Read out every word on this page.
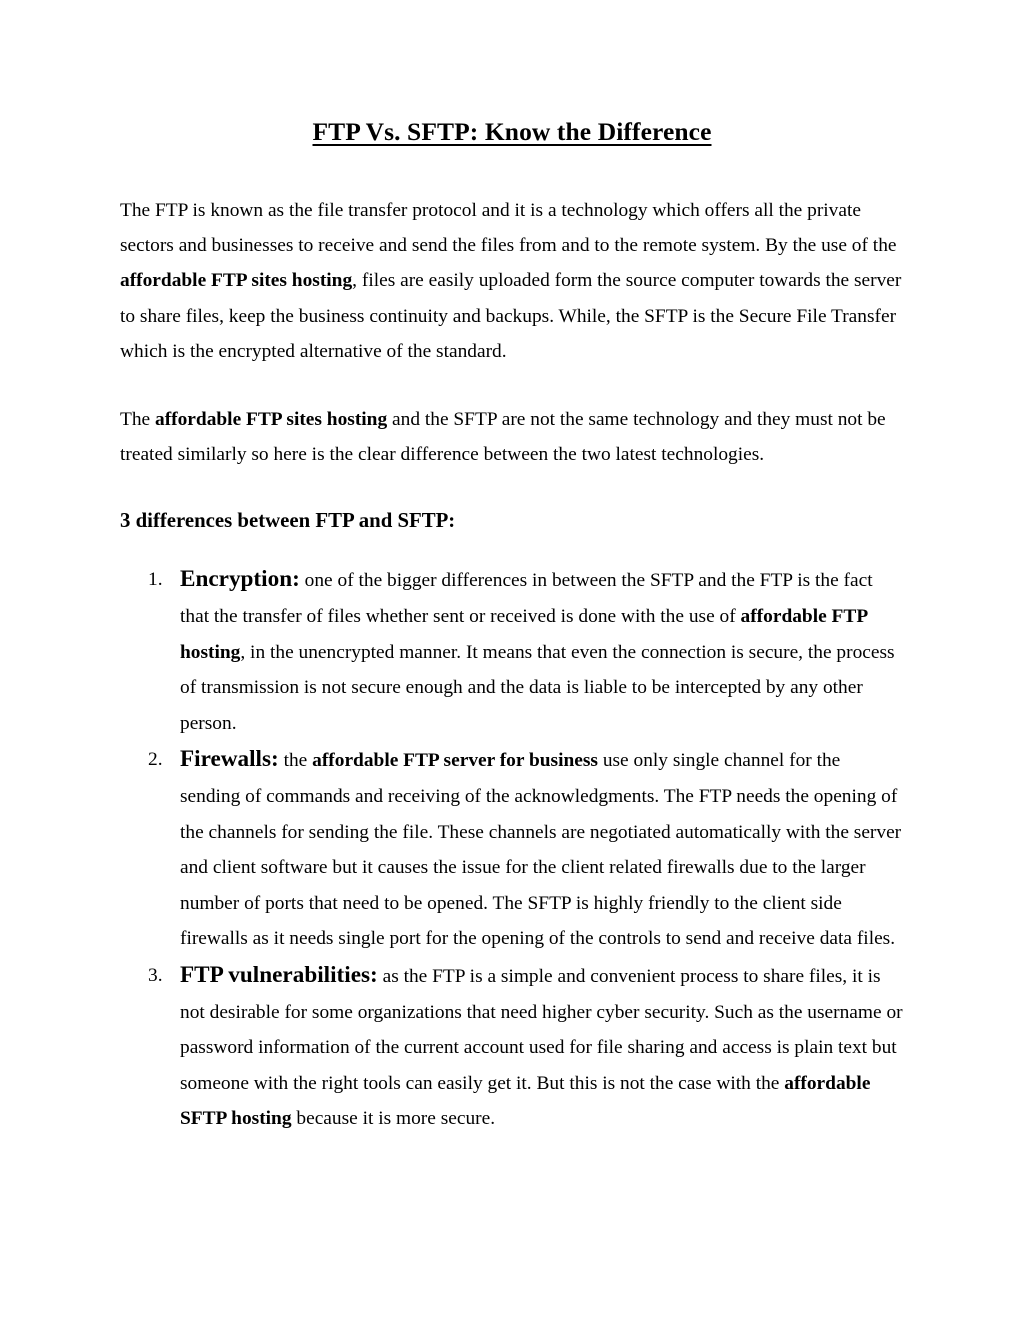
FTP Vs. SFTP: Know the Difference

The FTP is known as the file transfer protocol and it is a technology which offers all the private sectors and businesses to receive and send the files from and to the remote system. By the use of the affordable FTP sites hosting, files are easily uploaded form the source computer towards the server to share files, keep the business continuity and backups. While, the SFTP is the Secure File Transfer which is the encrypted alternative of the standard.

The affordable FTP sites hosting and the SFTP are not the same technology and they must not be treated similarly so here is the clear difference between the two latest technologies.

3 differences between FTP and SFTP:
Encryption: one of the bigger differences in between the SFTP and the FTP is the fact that the transfer of files whether sent or received is done with the use of affordable FTP hosting, in the unencrypted manner. It means that even the connection is secure, the process of transmission is not secure enough and the data is liable to be intercepted by any other person.
Firewalls: the affordable FTP server for business use only single channel for the sending of commands and receiving of the acknowledgments. The FTP needs the opening of the channels for sending the file. These channels are negotiated automatically with the server and client software but it causes the issue for the client related firewalls due to the larger number of ports that need to be opened. The SFTP is highly friendly to the client side firewalls as it needs single port for the opening of the controls to send and receive data files.
FTP vulnerabilities: as the FTP is a simple and convenient process to share files, it is not desirable for some organizations that need higher cyber security. Such as the username or password information of the current account used for file sharing and access is plain text but someone with the right tools can easily get it. But this is not the case with the affordable SFTP hosting because it is more secure.
